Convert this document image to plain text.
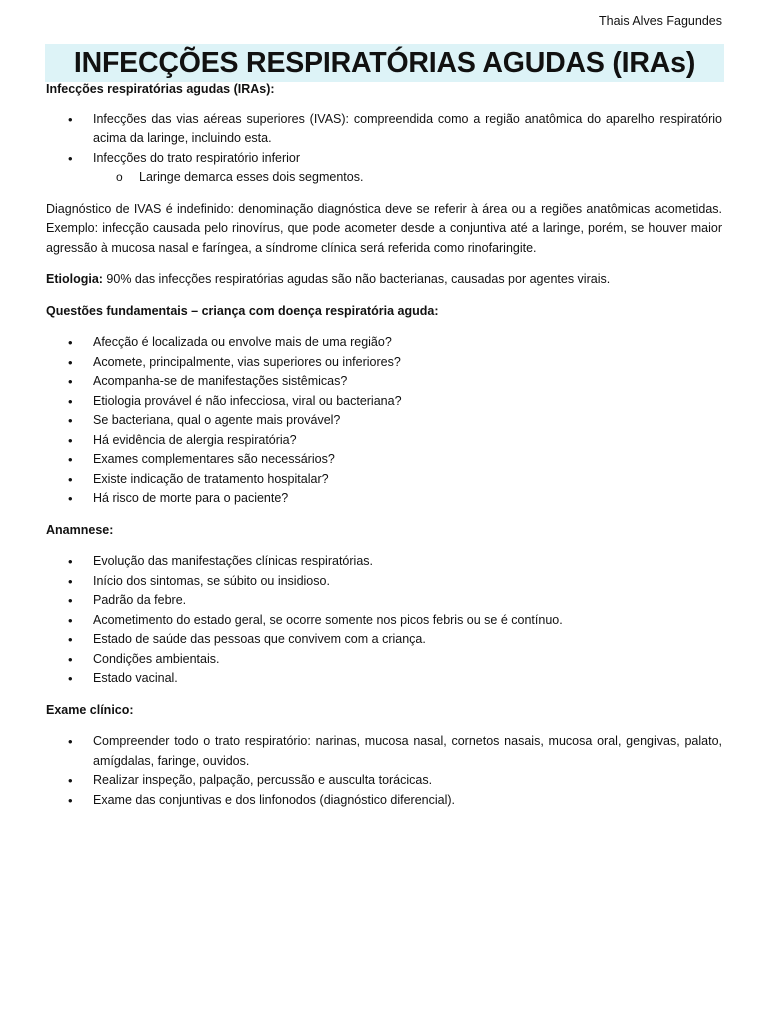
Thais Alves Fagundes
INFECÇÕES RESPIRATÓRIAS AGUDAS (IRAs)

Infecções respiratórias agudas (IRAs):

• Infecções das vias aéreas superiores (IVAS): compreendida como a região anatômica do aparelho respiratório acima da laringe, incluindo esta.
• Infecções do trato respiratório inferior
o Laringe demarca esses dois segmentos.

Diagnóstico de IVAS é indefinido: denominação diagnóstica deve se referir à área ou a regiões anatômicas acometidas. Exemplo: infecção causada pelo rinovírus, que pode acometer desde a conjuntiva até a laringe, porém, se houver maior agressão à mucosa nasal e faríngea, a síndrome clínica será referida como rinofaringite.

Etiologia: 90% das infecções respiratórias agudas são não bacterianas, causadas por agentes virais.

Questões fundamentais – criança com doença respiratória aguda:

• Afecção é localizada ou envolve mais de uma região?
• Acomete, principalmente, vias superiores ou inferiores?
• Acompanha-se de manifestações sistêmicas?
• Etiologia provável é não infecciosa, viral ou bacteriana?
• Se bacteriana, qual o agente mais provável?
• Há evidência de alergia respiratória?
• Exames complementares são necessários?
• Existe indicação de tratamento hospitalar?
• Há risco de morte para o paciente?

Anamnese:

• Evolução das manifestações clínicas respiratórias.
• Início dos sintomas, se súbito ou insidioso.
• Padrão da febre.
• Acometimento do estado geral, se ocorre somente nos picos febris ou se é contínuo.
• Estado de saúde das pessoas que convivem com a criança.
• Condições ambientais.
• Estado vacinal.

Exame clínico:

• Compreender todo o trato respiratório: narinas, mucosa nasal, cornetos nasais, mucosa oral, gengivas, palato, amígdalas, faringe, ouvidos.
• Realizar inspeção, palpação, percussão e ausculta torácicas.
• Exame das conjuntivas e dos linfonodos (diagnóstico diferencial).
